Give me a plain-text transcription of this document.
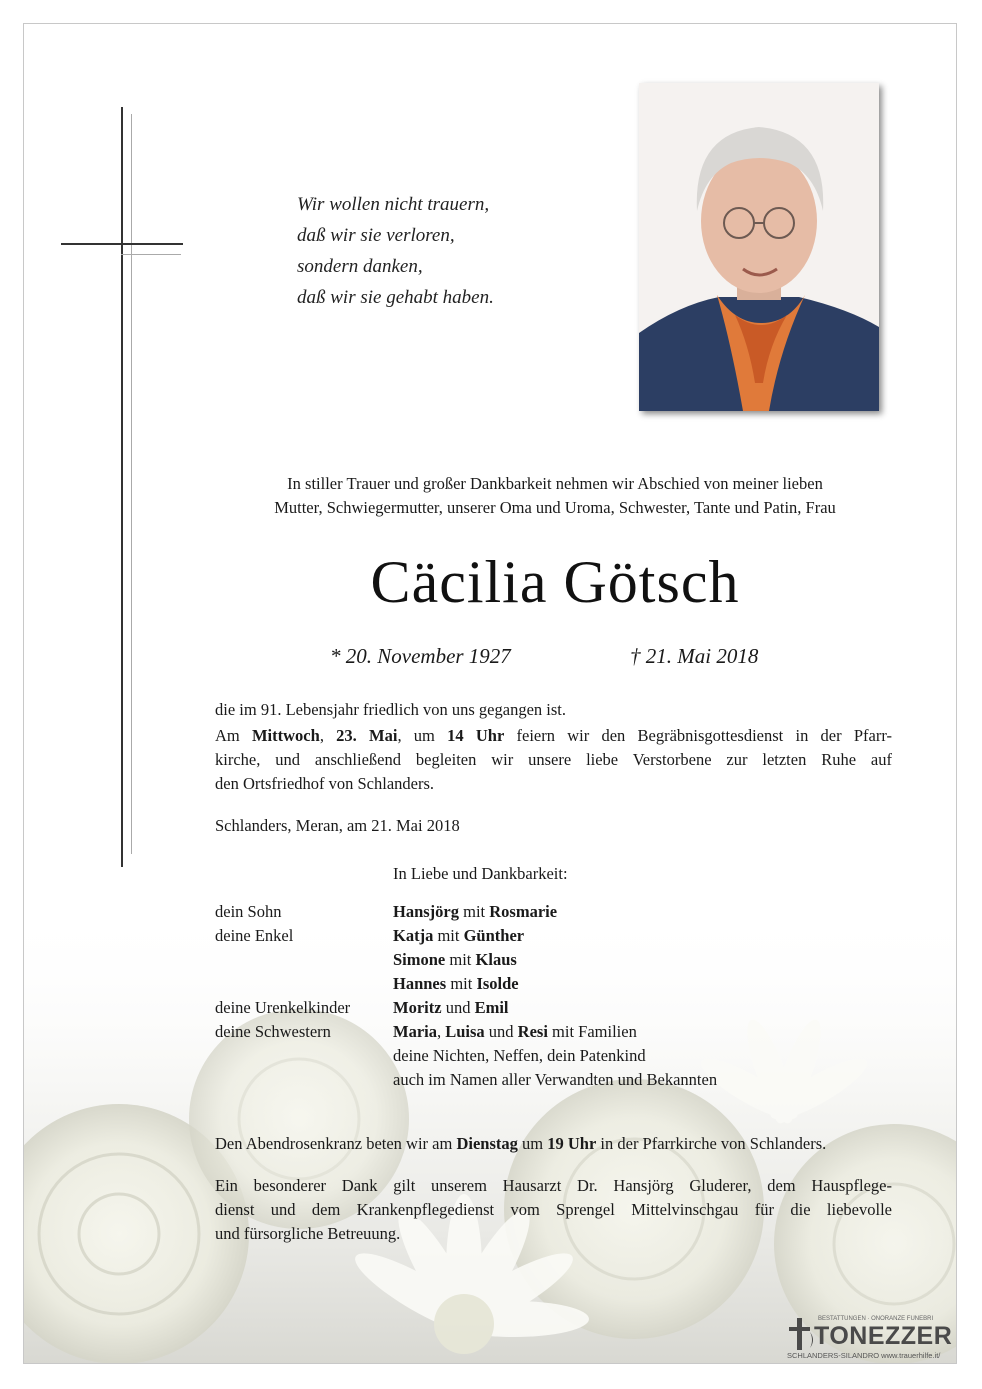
Wir wollen nicht trauern,
daß wir sie verloren,
sondern danken,
daß wir sie gehabt haben.
In stiller Trauer und großer Dankbarkeit nehmen wir Abschied von meiner lieben
Mutter, Schwiegermutter, unserer Oma und Uroma, Schwester, Tante und Patin, Frau
Cäcilia Götsch
* 20. November 1927	† 21. Mai 2018
die im 91. Lebensjahr friedlich von uns gegangen ist.
Am Mittwoch, 23. Mai, um 14 Uhr feiern wir den Begräbnisgottesdienst in der Pfarr-
kirche, und anschließend begleiten wir unsere liebe Verstorbene zur letzten Ruhe auf
den Ortsfriedhof von Schlanders.
Schlanders, Meran, am 21. Mai 2018
In Liebe und Dankbarkeit:
dein Sohn	Hansjörg mit Rosmarie
deine Enkel	Katja mit Günther
Simone mit Klaus
Hannes mit Isolde
deine Urenkelkinder	Moritz und Emil
deine Schwestern	Maria, Luisa und Resi mit Familien
deine Nichten, Neffen, dein Patenkind
auch im Namen aller Verwandten und Bekannten
Den Abendrosenkranz beten wir am Dienstag um 19 Uhr in der Pfarrkirche von Schlanders.
Ein besonderer Dank gilt unserem Hausarzt Dr. Hansjörg Gluderer, dem Hauspflege-
dienst und dem Krankenpflegedienst vom Sprengel Mittelvinschgau für die liebevolle
und fürsorgliche Betreuung.
BESTATTUNGEN · ONORANZE FUNEBRI
TONEZZER
SCHLANDERS-SILANDRO www.trauerhilfe.it/
